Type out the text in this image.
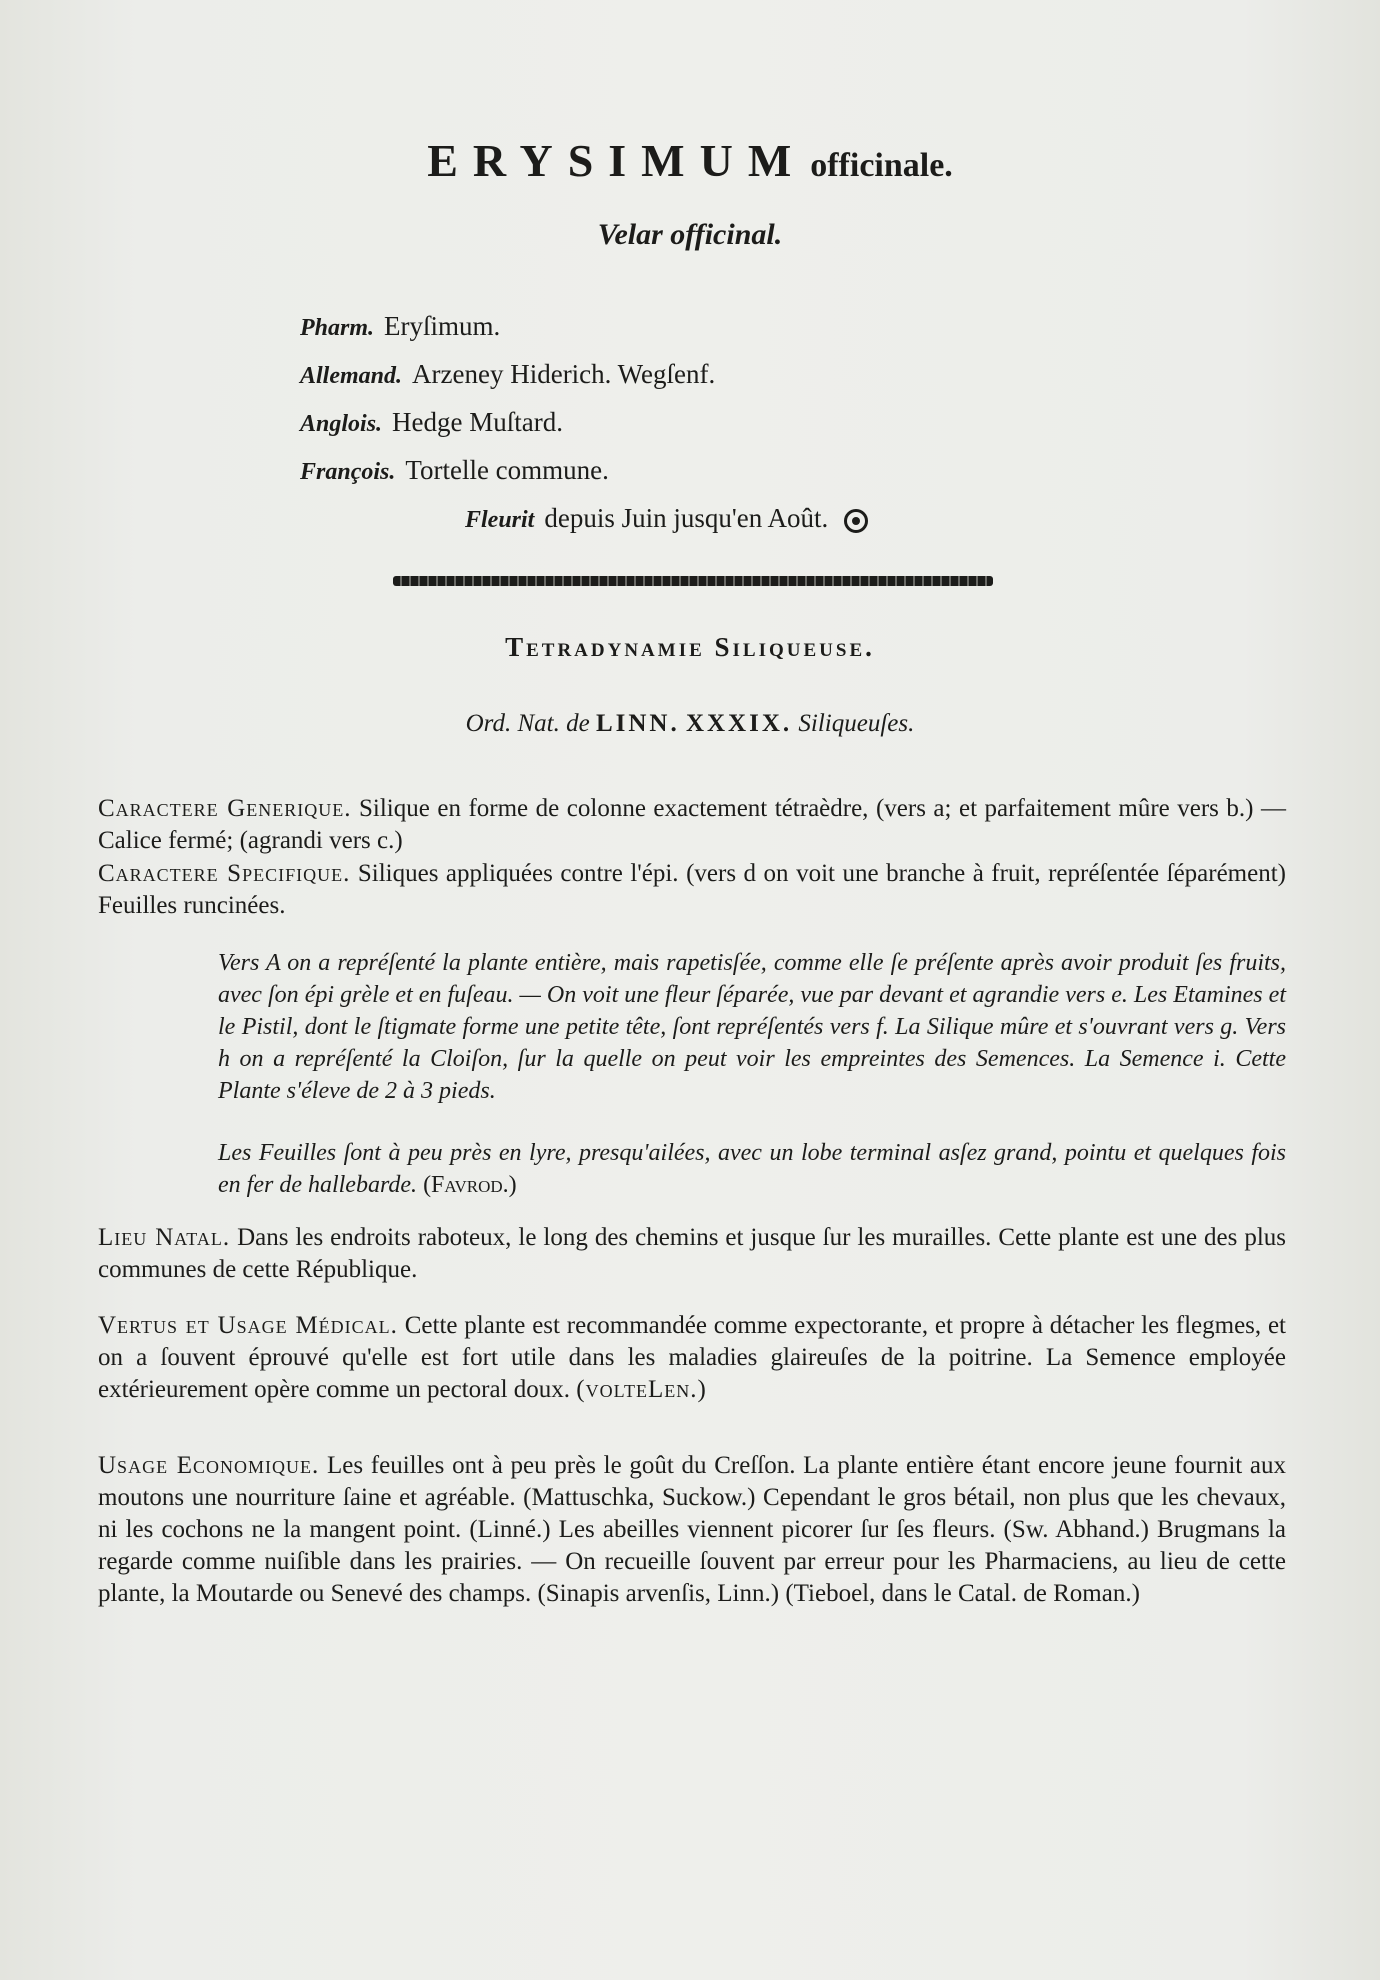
ERYSIMUM officinale.
Velar officinal.
Pharm. Eryſimum.
Allemand. Arzeney Hiderich. Wegſenf.
Anglois. Hedge Muſtard.
François. Tortelle commune.
Fleurit depuis Juin jusqu'en Août.
Tetradynamie Siliqueuse.
Ord. Nat. de LINN. XXXIX. Siliqueuſes.

Caractere Generique. Silique en forme de colonne exactement tétraèdre, (vers a; et parfaitement mûre vers b.) — Calice fermé; (agrandi vers c.)

Caractere Specifique. Siliques appliquées contre l'épi. (vers d on voit une branche à fruit, repréſentée ſéparément) Feuilles runcinées.

Vers A on a repréſenté la plante entière, mais rapetisſée, comme elle ſe préſente après avoir produit ſes fruits, avec ſon épi grèle et en fuſeau. — On voit une fleur ſéparée, vue par devant et agrandie vers e. Les Etamines et le Pistil, dont le ſtigmate forme une petite tête, ſont repréſentés vers f. La Silique mûre et s'ouvrant vers g. Vers h on a repréſenté la Cloiſon, ſur la quelle on peut voir les empreintes des Semences. La Semence i. Cette Plante s'éleve de 2 à 3 pieds.

Les Feuilles ſont à peu près en lyre, presqu'ailées, avec un lobe terminal asſez grand, pointu et quelques fois en fer de hallebarde. (Favrod.)

Lieu Natal. Dans les endroits raboteux, le long des chemins et jusque ſur les murailles. Cette plante est une des plus communes de cette République.

Vertus et Usage Médical. Cette plante est recommandée comme expectorante, et propre à détacher les flegmes, et on a ſouvent éprouvé qu'elle est fort utile dans les maladies glaireuſes de la poitrine. La Semence employée extérieurement opère comme un pectoral doux. (volteLen.)

Usage Economique. Les feuilles ont à peu près le goût du Creſſon. La plante entière étant encore jeune fournit aux moutons une nourriture ſaine et agréable. (Mattuschka, Suckow.) Cependant le gros bétail, non plus que les chevaux, ni les cochons ne la mangent point. (Linné.) Les abeilles viennent picorer ſur ſes fleurs. (Sw. Abhand.) Brugmans la regarde comme nuiſible dans les prairies. — On recueille ſouvent par erreur pour les Pharmaciens, au lieu de cette plante, la Moutarde ou Senevé des champs. (Sinapis arvenſis, Linn.) (Tiebоel, dans le Catal. de Roman.)
